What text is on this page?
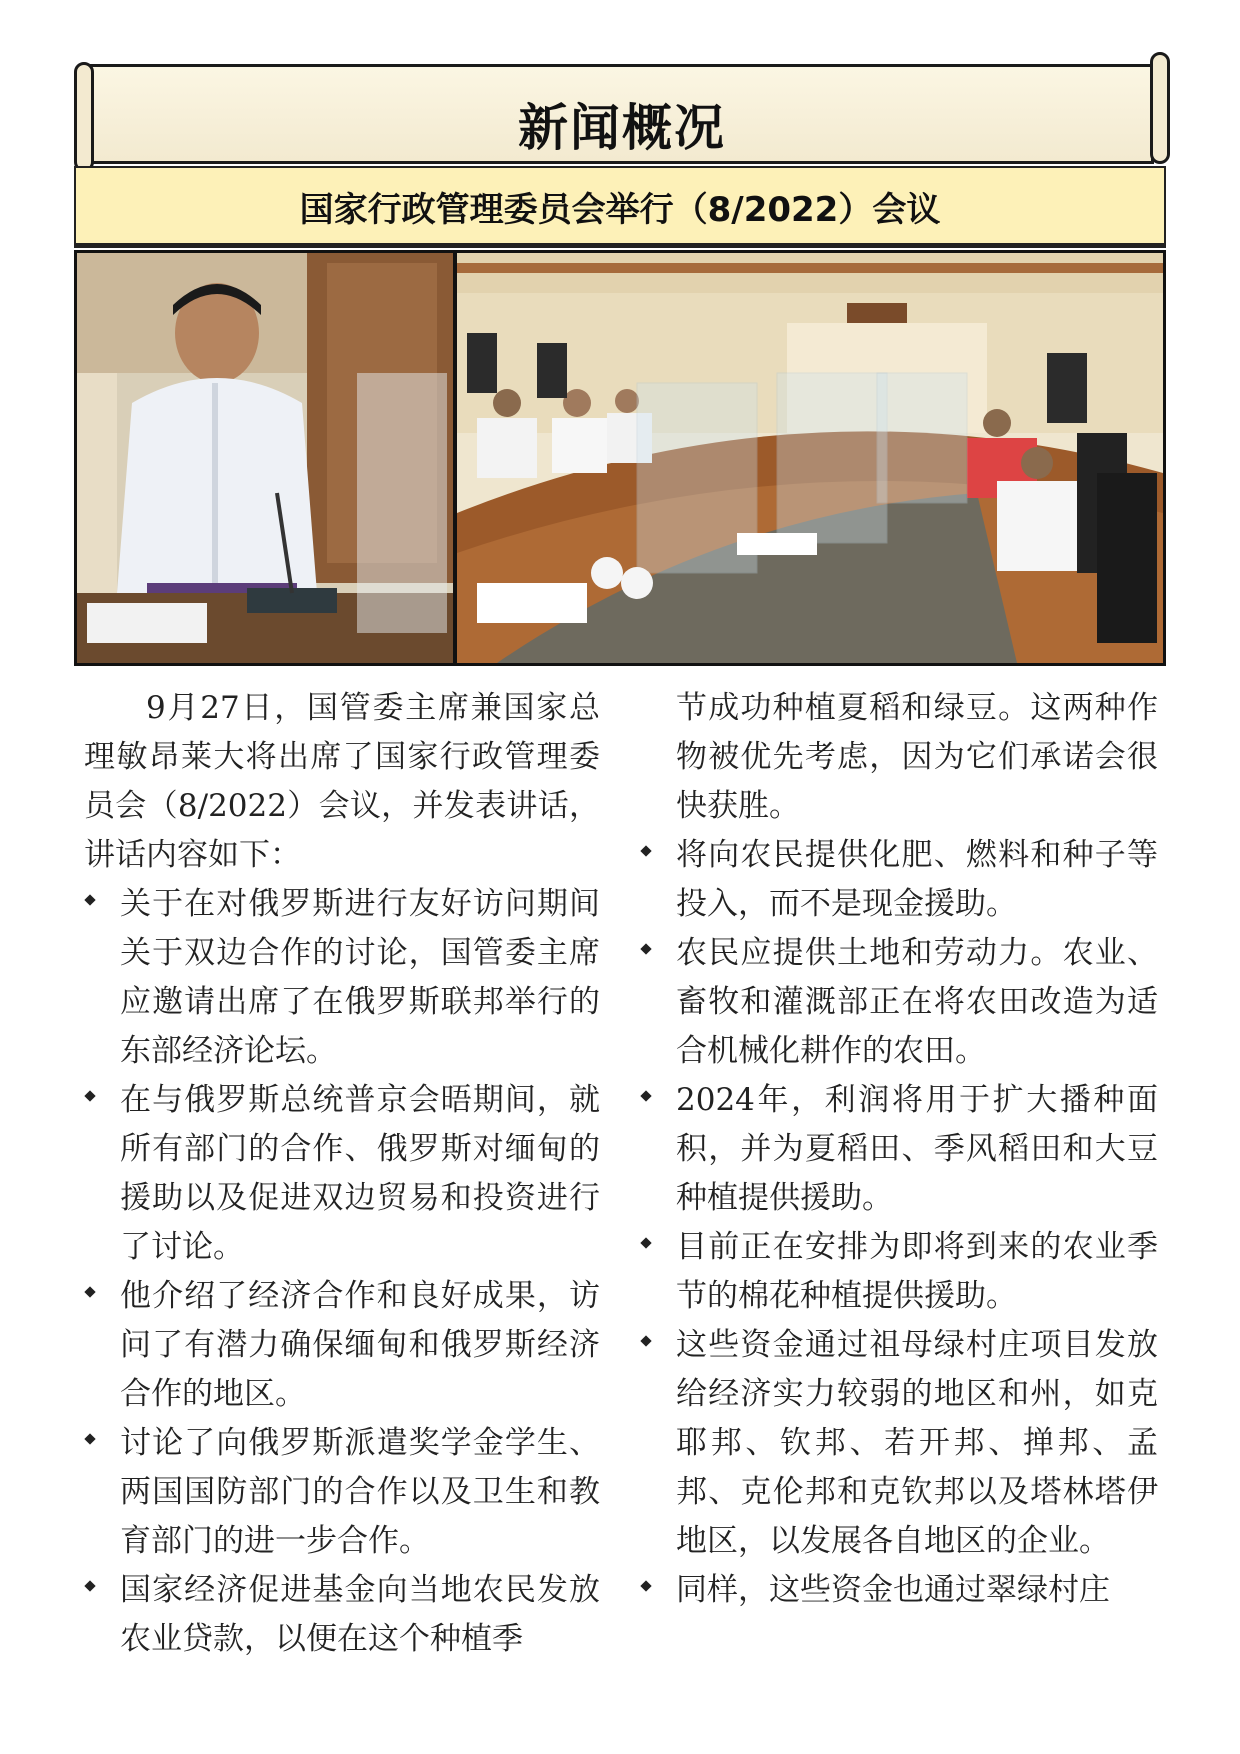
新闻概况
国家行政管理委员会举行（8/2022）会议

9月27日，国管委主席兼国家总理敏昂莱大将出席了国家行政管理委员会（8/2022）会议，并发表讲话，讲话内容如下：

关于在对俄罗斯进行友好访问期间关于双边合作的讨论，国管委主席应邀请出席了在俄罗斯联邦举行的东部经济论坛。
在与俄罗斯总统普京会晤期间，就所有部门的合作、俄罗斯对缅甸的援助以及促进双边贸易和投资进行了讨论。
他介绍了经济合作和良好成果，访问了有潜力确保缅甸和俄罗斯经济合作的地区。
讨论了向俄罗斯派遣奖学金学生、两国国防部门的合作以及卫生和教育部门的进一步合作。
国家经济促进基金向当地农民发放农业贷款，以便在这个种植季

节成功种植夏稻和绿豆。这两种作物被优先考虑，因为它们承诺会很快获胜。

将向农民提供化肥、燃料和种子等投入，而不是现金援助。
农民应提供土地和劳动力。农业、畜牧和灌溉部正在将农田改造为适合机械化耕作的农田。
2024年，利润将用于扩大播种面积，并为夏稻田、季风稻田和大豆种植提供援助。
目前正在安排为即将到来的农业季节的棉花种植提供援助。
这些资金通过祖母绿村庄项目发放给经济实力较弱的地区和州，如克耶邦、钦邦、若开邦、掸邦、孟邦、克伦邦和克钦邦以及塔林塔伊地区，以发展各自地区的企业。
同样，这些资金也通过翠绿村庄
